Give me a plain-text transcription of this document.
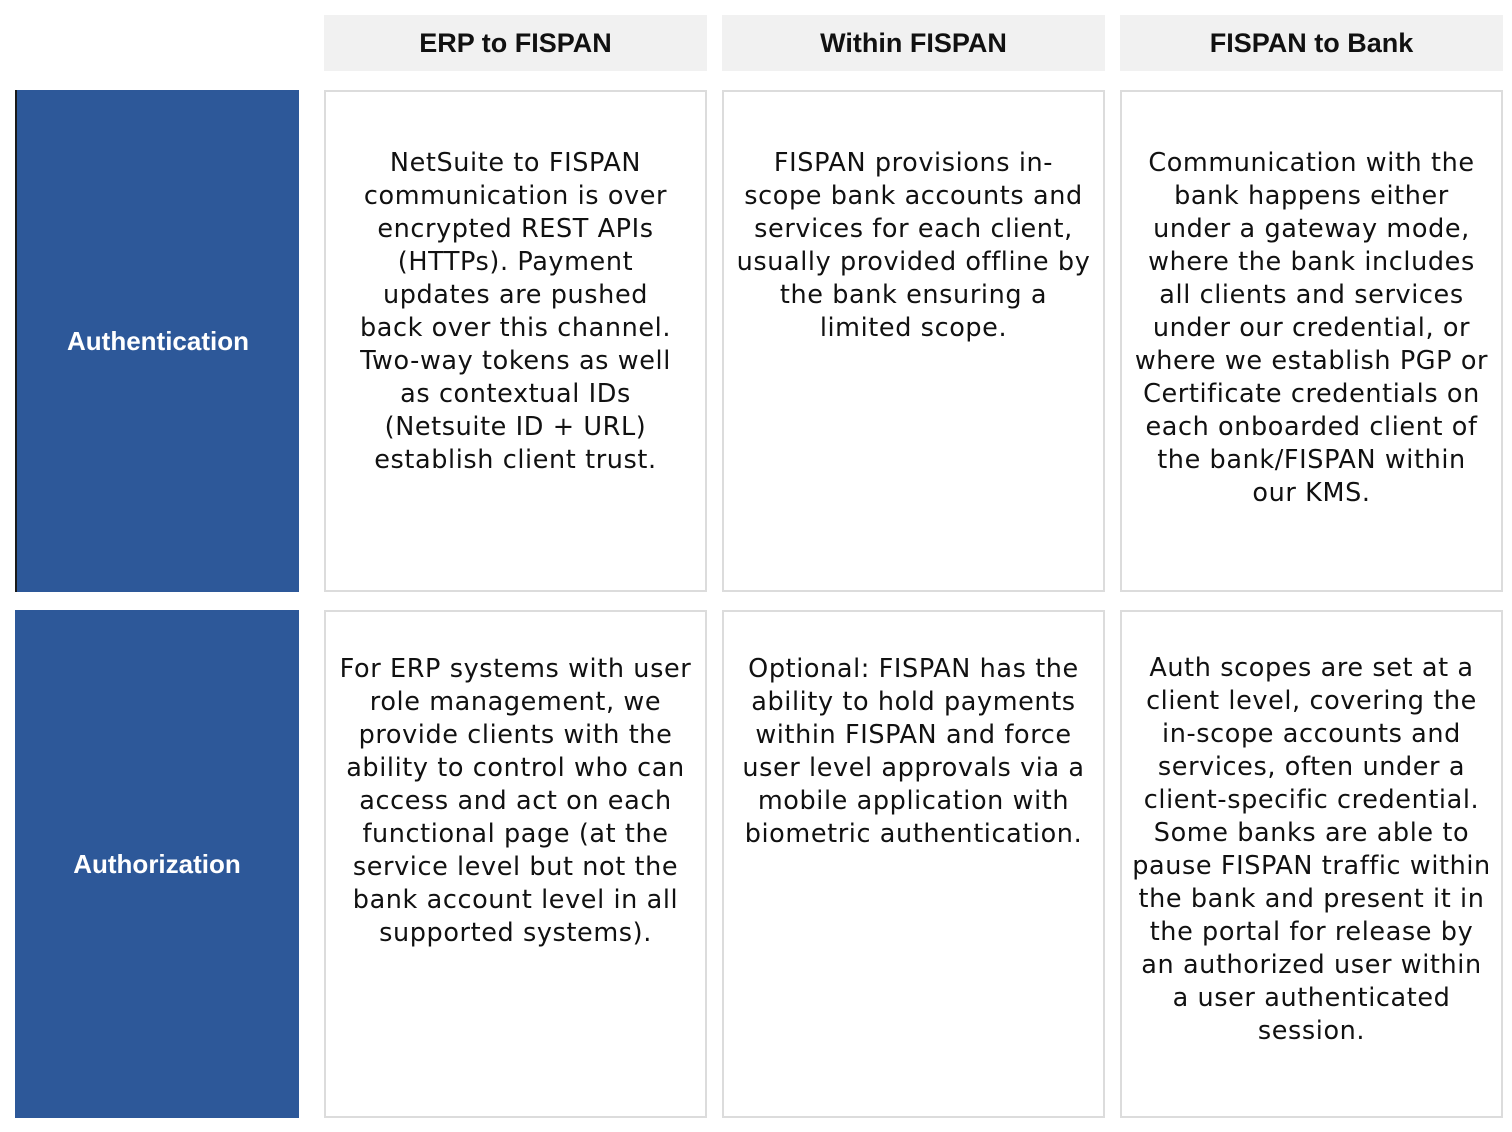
ERP to FISPAN	Within FISPAN	FISPAN to Bank
Authentication
NetSuite to FISPAN communication is over encrypted REST APIs (HTTPs). Payment updates are pushed back over this channel. Two-way tokens as well as contextual IDs (Netsuite ID + URL) establish client trust.
FISPAN provisions in-scope bank accounts and services for each client, usually provided offline by the bank ensuring a limited scope.
Communication with the bank happens either under a gateway mode, where the bank includes all clients and services under our credential, or where we establish PGP or Certificate credentials on each onboarded client of the bank/FISPAN within our KMS.
Authorization
For ERP systems with user role management, we provide clients with the ability to control who can access and act on each functional page (at the service level but not the bank account level in all supported systems).
Optional: FISPAN has the ability to hold payments within FISPAN and force user level approvals via a mobile application with biometric authentication.
Auth scopes are set at a client level, covering the in-scope accounts and services, often under a client-specific credential. Some banks are able to pause FISPAN traffic within the bank and present it in the portal for release by an authorized user within a user authenticated session.
